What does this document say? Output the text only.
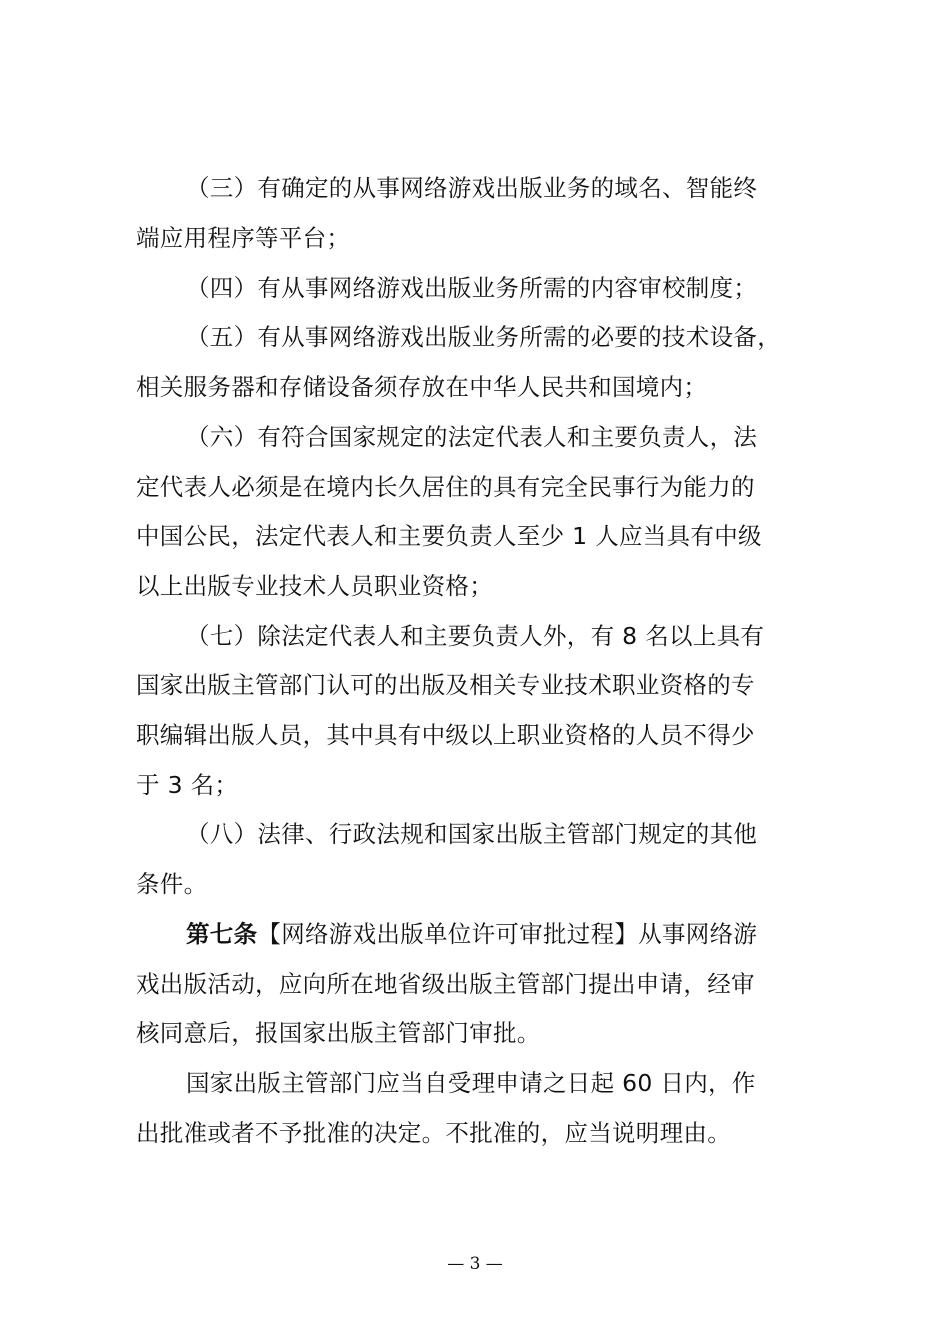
（三）有确定的从事网络游戏出版业务的域名、智能终
端应用程序等平台；
（四）有从事网络游戏出版业务所需的内容审校制度；
（五）有从事网络游戏出版业务所需的必要的技术设备，
相关服务器和存储设备须存放在中华人民共和国境内；
（六）有符合国家规定的法定代表人和主要负责人，法
定代表人必须是在境内长久居住的具有完全民事行为能力的
中国公民，法定代表人和主要负责人至少 1 人应当具有中级
以上出版专业技术人员职业资格；
（七）除法定代表人和主要负责人外，有 8 名以上具有
国家出版主管部门认可的出版及相关专业技术职业资格的专
职编辑出版人员，其中具有中级以上职业资格的人员不得少
于 3 名；
（八）法律、行政法规和国家出版主管部门规定的其他
条件。
第七条【网络游戏出版单位许可审批过程】从事网络游
戏出版活动，应向所在地省级出版主管部门提出申请，经审
核同意后，报国家出版主管部门审批。
国家出版主管部门应当自受理申请之日起 60 日内，作
出批准或者不予批准的决定。不批准的，应当说明理由。
— 3 —
